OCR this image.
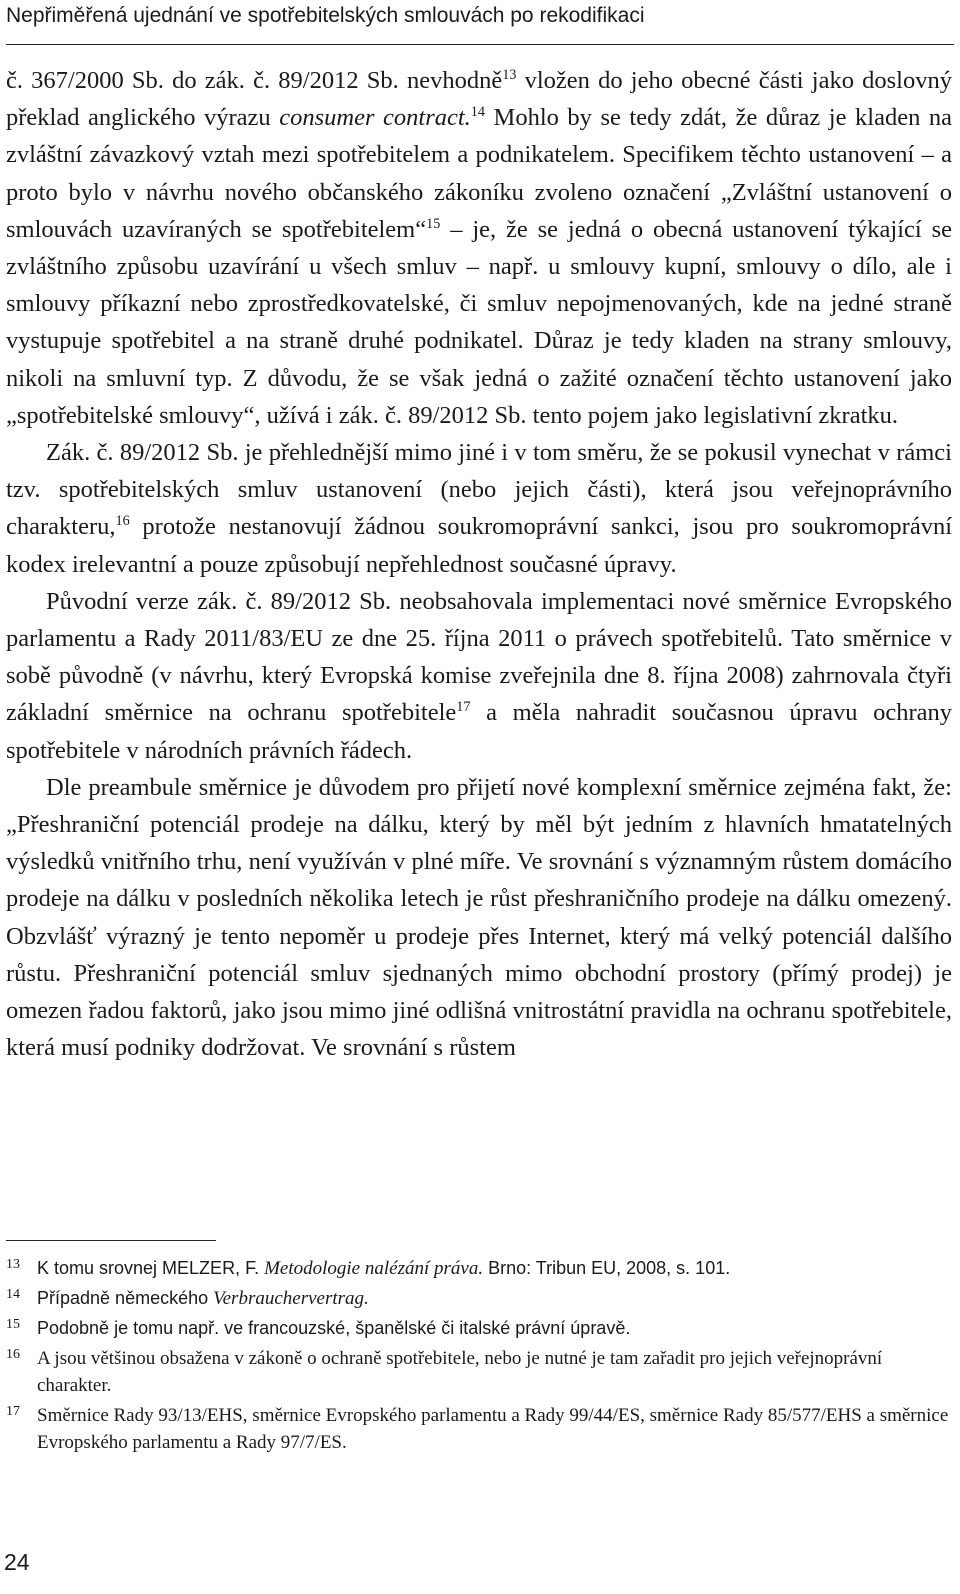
Nepřiměřená ujednání ve spotřebitelských smlouvách po rekodifikaci

č. 367/2000 Sb. do zák. č. 89/2012 Sb. nevhodně$^{13}$ vložen do jeho obecné části jako doslovný překlad anglického výrazu consumer contract.$^{14}$ Mohlo by se tedy zdát, že důraz je kladen na zvláštní závazkový vztah mezi spotřebitelem a podnikatelem. Specifikem těchto ustanovení – a proto bylo v návrhu nového občanského zákoníku zvoleno označení „Zvláštní ustanovení o smlouvách uzavíraných se spotřebitelem“$^{15}$ – je, že se jedná o obecná ustanovení týkající se zvláštního způsobu uzavírání u všech smluv – např. u smlouvy kupní, smlouvy o dílo, ale i smlouvy příkazní nebo zprostředkovatelské, či smluv nepojmenovaných, kde na jedné straně vystupuje spotřebitel a na straně druhé podnikatel. Důraz je tedy kladen na strany smlouvy, nikoli na smluvní typ. Z důvodu, že se však jedná o zažité označení těchto ustanovení jako „spotřebitelské smlouvy“, užívá i zák. č. 89/2012 Sb. tento pojem jako legislativní zkratku.

Zák. č. 89/2012 Sb. je přehlednější mimo jiné i v tom směru, že se pokusil vynechat v rámci tzv. spotřebitelských smluv ustanovení (nebo jejich části), která jsou veřejnoprávního charakteru,$^{16}$ protože nestanovují žádnou soukromoprávní sankci, jsou pro soukromoprávní kodex irelevantní a pouze způsobují nepřehlednost současné úpravy.

Původní verze zák. č. 89/2012 Sb. neobsahovala implementaci nové směrnice Evropského parlamentu a Rady 2011/83/EU ze dne 25. října 2011 o právech spotřebitelů. Tato směrnice v sobě původně (v návrhu, který Evropská komise zveřejnila dne 8. října 2008) zahrnovala čtyři základní směrnice na ochranu spotřebitele$^{17}$ a měla nahradit současnou úpravu ochrany spotřebitele v národních právních řádech.

Dle preambule směrnice je důvodem pro přijetí nové komplexní směrnice zejména fakt, že: „Přeshraniční potenciál prodeje na dálku, který by měl být jedním z hlavních hmatatelných výsledků vnitřního trhu, není využíván v plné míře. Ve srovnání s významným růstem domácího prodeje na dálku v posledních několika letech je růst přeshraničního prodeje na dálku omezený. Obzvlášť výrazný je tento nepoměr u prodeje přes Internet, který má velký potenciál dalšího růstu. Přeshraniční potenciál smluv sjednaných mimo obchodní prostory (přímý prodej) je omezen řadou faktorů, jako jsou mimo jiné odlišná vnitrostátní pravidla na ochranu spotřebitele, která musí podniky dodržovat. Ve srovnání s růstem

13 K tomu srovnej MELZER, F. Metodologie nalézání práva. Brno: Tribun EU, 2008, s. 101.
14 Případně německého Verbrauchervertrag.
15 Podobně je tomu např. ve francouzské, španělské či italské právní úpravě.
16 A jsou většinou obsažena v zákoně o ochraně spotřebitele, nebo je nutné je tam zařadit pro jejich veřejnoprávní charakter.
17 Směrnice Rady 93/13/EHS, směrnice Evropského parlamentu a Rady 99/44/ES, směrnice Rady 85/577/EHS a směrnice Evropského parlamentu a Rady 97/7/ES.
24
